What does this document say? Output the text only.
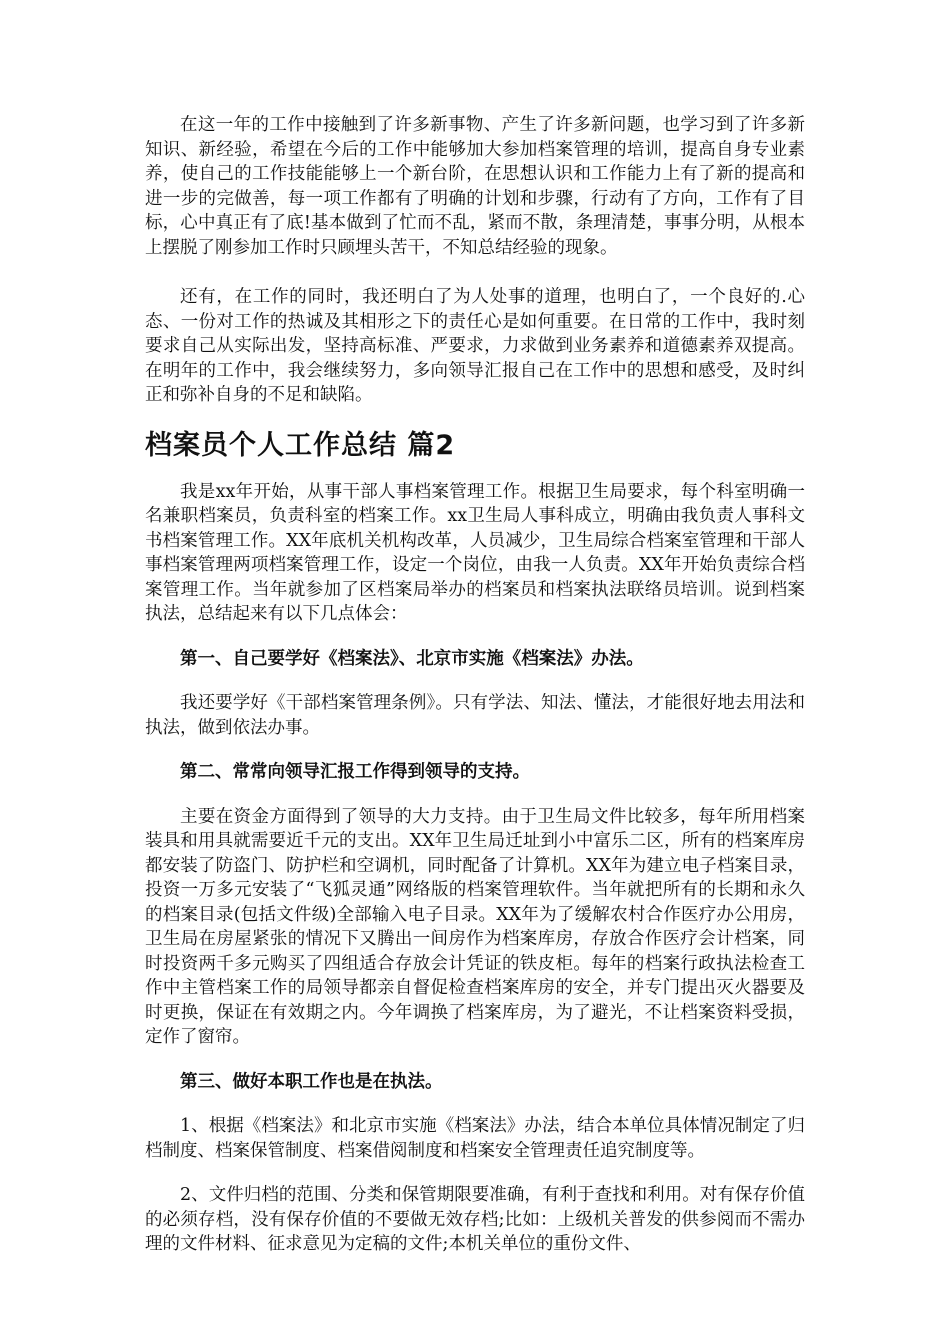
在这一年的工作中接触到了许多新事物、产生了许多新问题，也学习到了许多新知识、新经验，希望在今后的工作中能够加大参加档案管理的培训，提高自身专业素养，使自己的工作技能能够上一个新台阶，在思想认识和工作能力上有了新的提高和进一步的完做善，每一项工作都有了明确的计划和步骤，行动有了方向，工作有了目标，心中真正有了底!基本做到了忙而不乱，紧而不散，条理清楚，事事分明，从根本上摆脱了刚参加工作时只顾埋头苦干，不知总结经验的现象。

还有，在工作的同时，我还明白了为人处事的道理，也明白了，一个良好的.心态、一份对工作的热诚及其相形之下的责任心是如何重要。在日常的工作中，我时刻要求自己从实际出发，坚持高标准、严要求，力求做到业务素养和道德素养双提高。在明年的工作中，我会继续努力，多向领导汇报自己在工作中的思想和感受，及时纠正和弥补自身的不足和缺陷。

档案员个人工作总结 篇2

我是xx年开始，从事干部人事档案管理工作。根据卫生局要求，每个科室明确一名兼职档案员，负责科室的档案工作。xx卫生局人事科成立，明确由我负责人事科文书档案管理工作。XX年底机关机构改革，人员减少，卫生局综合档案室管理和干部人事档案管理两项档案管理工作，设定一个岗位，由我一人负责。XX年开始负责综合档案管理工作。当年就参加了区档案局举办的档案员和档案执法联络员培训。说到档案执法，总结起来有以下几点体会：

第一、自己要学好《档案法》、北京市实施《档案法》办法。

我还要学好《干部档案管理条例》。只有学法、知法、懂法，才能很好地去用法和执法，做到依法办事。

第二、常常向领导汇报工作得到领导的支持。

主要在资金方面得到了领导的大力支持。由于卫生局文件比较多，每年所用档案装具和用具就需要近千元的支出。XX年卫生局迁址到小中富乐二区，所有的档案库房都安装了防盗门、防护栏和空调机，同时配备了计算机。XX年为建立电子档案目录，投资一万多元安装了“飞狐灵通”网络版的档案管理软件。当年就把所有的长期和永久的档案目录(包括文件级)全部输入电子目录。XX年为了缓解农村合作医疗办公用房，卫生局在房屋紧张的情况下又腾出一间房作为档案库房，存放合作医疗会计档案，同时投资两千多元购买了四组适合存放会计凭证的铁皮柜。每年的档案行政执法检查工作中主管档案工作的局领导都亲自督促检查档案库房的安全，并专门提出灭火器要及时更换，保证在有效期之内。今年调换了档案库房，为了避光，不让档案资料受损，定作了窗帘。

第三、做好本职工作也是在执法。

1、根据《档案法》和北京市实施《档案法》办法，结合本单位具体情况制定了归档制度、档案保管制度、档案借阅制度和档案安全管理责任追究制度等。

2、文件归档的范围、分类和保管期限要准确，有利于查找和利用。对有保存价值的必须存档，没有保存价值的不要做无效存档;比如：上级机关普发的供参阅而不需办理的文件材料、征求意见为定稿的文件;本机关单位的重份文件、
